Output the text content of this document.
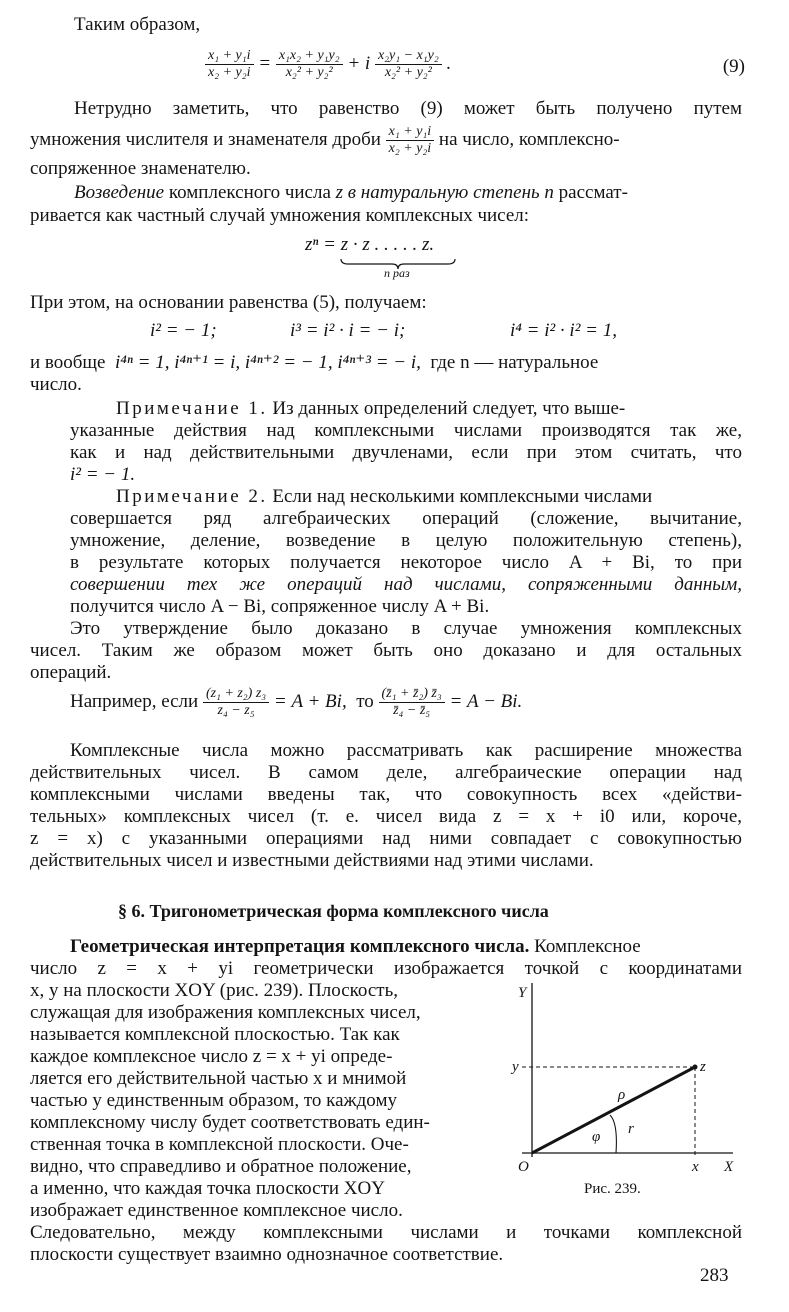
Таким образом,
$\frac{\text{x₁ + y₁i}}{\text{x₂ + y₂i}} = \frac{\text{x₁x₂ + y₁y₂}}{\text{x₂² + y₂²}} + i \frac{\text{x₂y₁ − x₁y₂}}{\text{x₂² + y₂²}}$ .	(9)
Нетрудно заметить, что равенство (9) может быть получено путем
умножения числителя и знаменателя дроби $\frac{\text{x₁ + y₁i}}{\text{x₂ + y₂i}}$ на число, комплексно-
сопряженное знаменателю.
Возведение комплексного числа z в натуральную степень n рассмат-
ривается как частный случай умножения комплексных чисел:
zⁿ = z · z . . . . . z.
n раз
При этом, на основании равенства (5), получаем:
i² = − 1;	i³ = i² · i = − i;	i⁴ = i² · i² = 1,
и вообще i⁴ⁿ = 1, i⁴ⁿ⁺¹ = i, i⁴ⁿ⁺² = − 1, i⁴ⁿ⁺³ = − i, где n — натуральное
число.
Примечание 1. Из данных определений следует, что выше-
указанные действия над комплексными числами производятся так же,
как и над действительными двучленами, если при этом считать, что
i² = − 1.
Примечание 2. Если над несколькими комплексными числами
совершается ряд алгебраических операций (сложение, вычитание,
умножение, деление, возведение в целую положительную степень),
в результате которых получается некоторое число A + Bi, то при
совершении тех же операций над числами, сопряженными данным,
получится число A − Bi, сопряженное числу A + Bi.
Это утверждение было доказано в случае умножения комплексных
чисел. Таким же образом может быть оно доказано и для остальных
операций.
Например, если $\frac{\text{(z₁ + z₂) z₃}}{\text{z₄ − z₅}} = A + Bi$, то $\frac{\text{(z̄₁ + z̄₂) z̄₃}}{\text{z̄₄ − z̄₅}} = A - Bi$.
Комплексные числа можно рассматривать как расширение множества
действительных чисел. В самом деле, алгебраические операции над
комплексными числами введены так, что совокупность всех «действи-
тельных» комплексных чисел (т. е. чисел вида z = x + i0 или, короче,
z = x) с указанными операциями над ними совпадает с совокупностью
действительных чисел и известными действиями над этими числами.
§ 6. Тригонометрическая форма комплексного числа
Геометрическая интерпретация комплексного числа. Комплексное
число z = x + yi геометрически изображается точкой с координатами
x, y на плоскости XOY (рис. 239). Плоскость,
служащая для изображения комплексных чисел,
называется комплексной плоскостью. Так как
каждое комплексное число z = x + yi опреде-
ляется его действительной частью x и мнимой
частью y единственным образом, то каждому
комплексному числу будет соответствовать един-
ственная точка в комплексной плоскости. Оче-
видно, что справедливо и обратное положение,
а именно, что каждая точка плоскости XOY
изображает единственное комплексное число.
Следовательно, между комплексными числами и точками комплексной
плоскости существует взаимно однозначное соответствие.
Y
y	z
ρ
r
φ
O	x X
Рис. 239.
283
